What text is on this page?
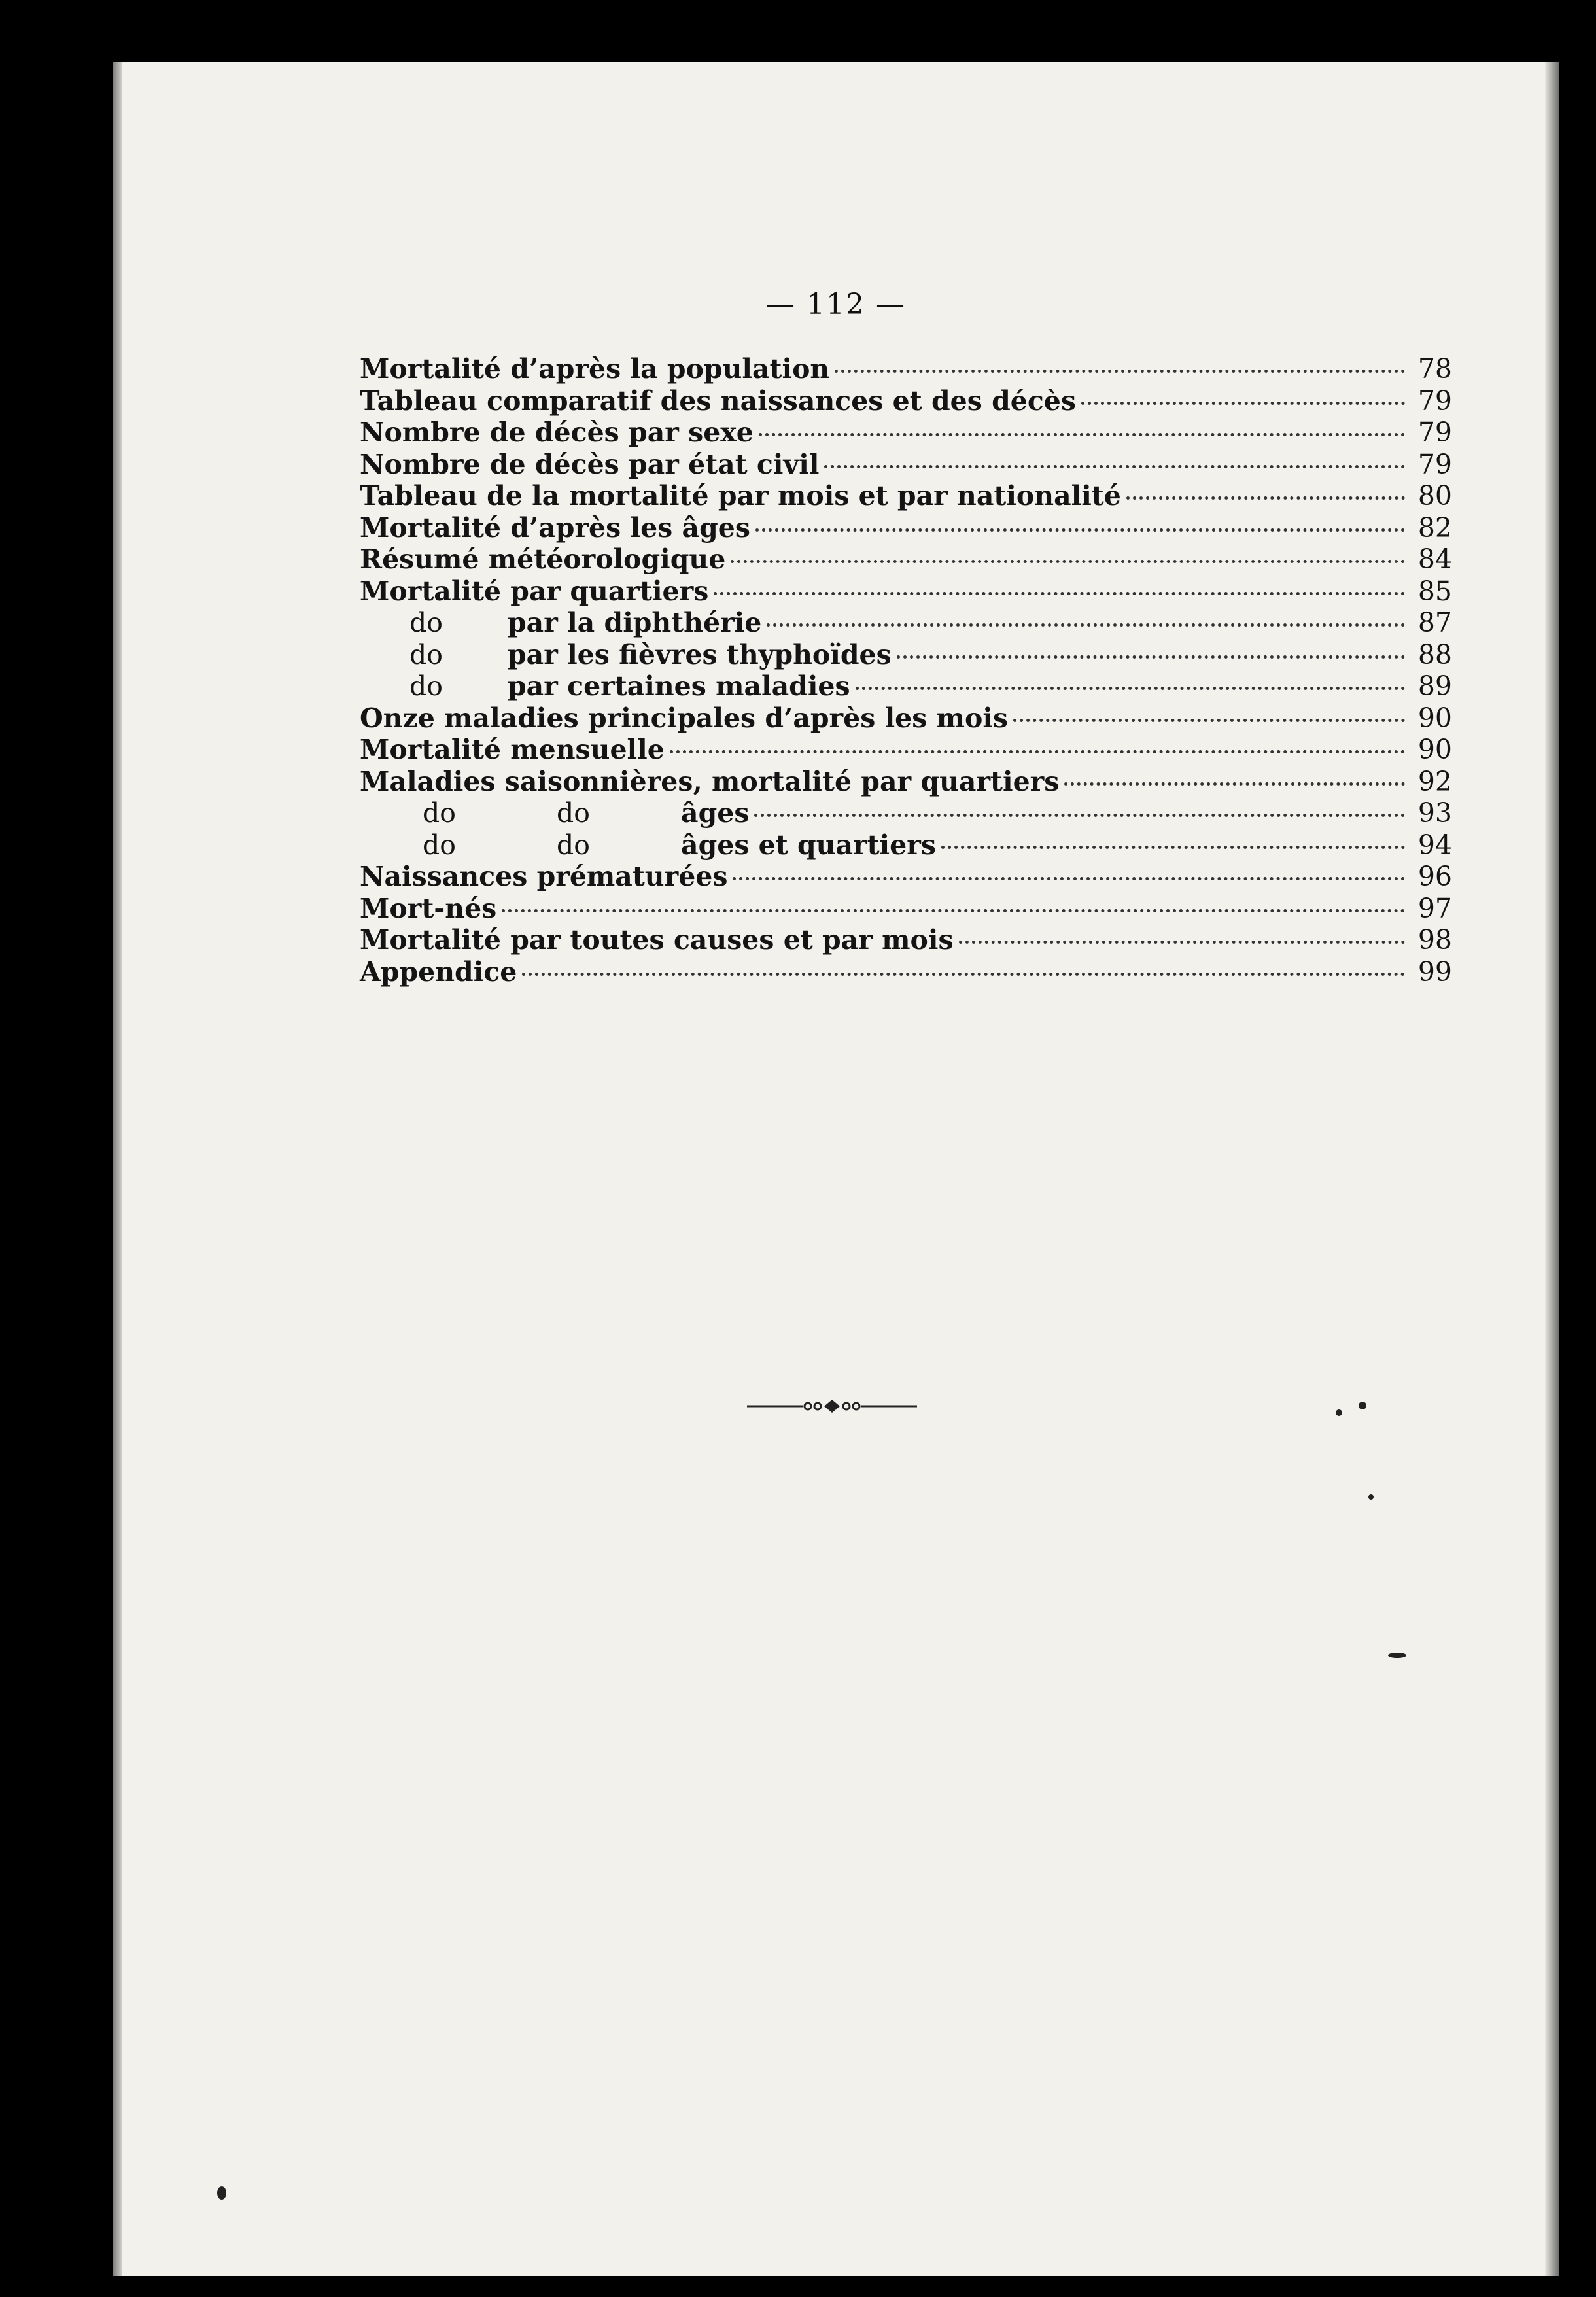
— 112 —
Mortalité d’après la population	78
Tableau comparatif des naissances et des décès	79
Nombre de décès par sexe	79
Nombre de décès par état civil	79
Tableau de la mortalité par mois et par nationalité	80
Mortalité d’après les âges	82
Résumé météorologique	84
Mortalité par quartiers	85
do	par la diphthérie	87
do	par les fièvres thyphoïdes	88
do	par certaines maladies	89
Onze maladies principales d’après les mois	90
Mortalité mensuelle	90
Maladies saisonnières, mortalité par quartiers	92
do	do	âges	93
do	do	âges et quartiers	94
Naissances prématurées	96
Mort-nés	97
Mortalité par toutes causes et par mois	98
Appendice	99
